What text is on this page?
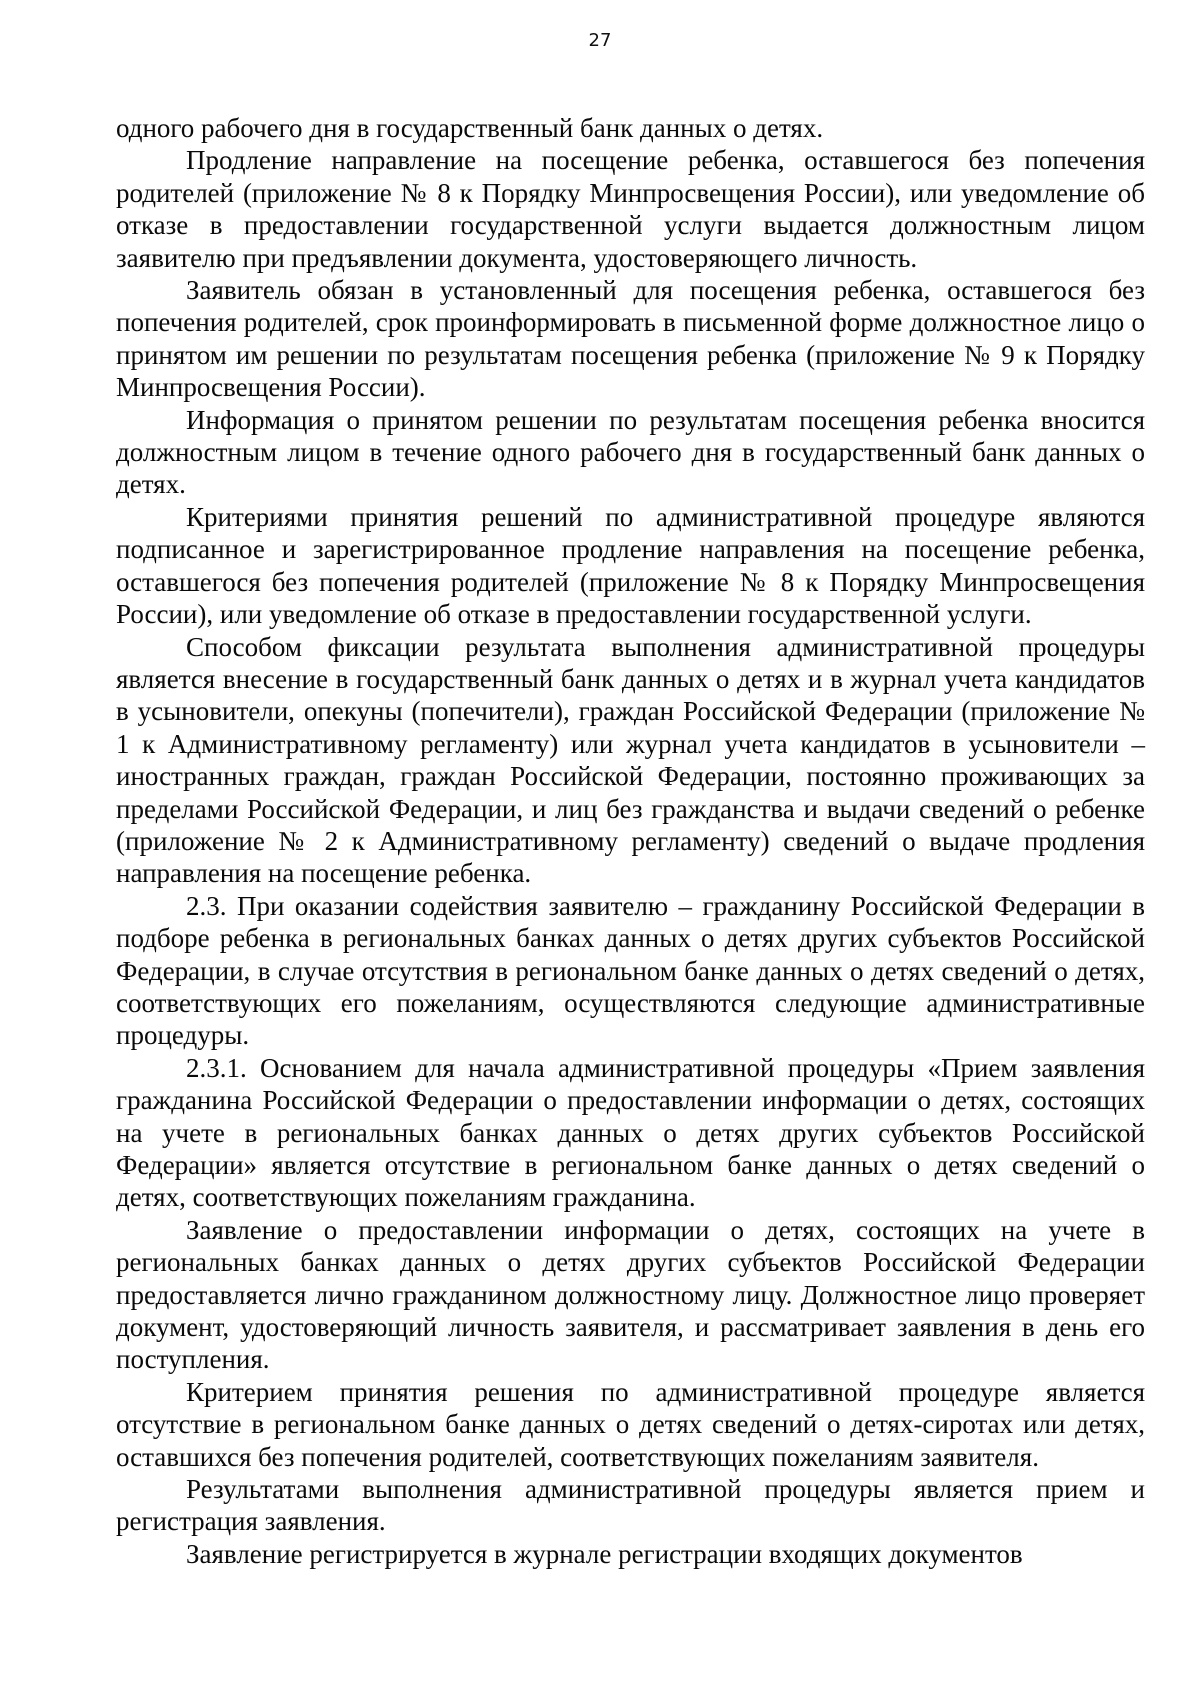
27

одного рабочего дня в государственный банк данных о детях.

Продление направление на посещение ребенка, оставшегося без попечения родителей (приложение № 8 к Порядку Минпросвещения России), или уведомление об отказе в предоставлении государственной услуги выдается должностным лицом заявителю при предъявлении документа, удостоверяющего личность.

Заявитель обязан в установленный для посещения ребенка, оставшегося без попечения родителей, срок проинформировать в письменной форме должностное лицо о принятом им решении по результатам посещения ребенка (приложение № 9 к Порядку Минпросвещения России).

Информация о принятом решении по результатам посещения ребенка вносится должностным лицом в течение одного рабочего дня в государственный банк данных о детях.

Критериями принятия решений по административной процедуре являются подписанное и зарегистрированное продление направления на посещение ребенка, оставшегося без попечения родителей (приложение № 8 к Порядку Минпросвещения России), или уведомление об отказе в предоставлении государственной услуги.

Способом фиксации результата выполнения административной процедуры является внесение в государственный банк данных о детях и в журнал учета кандидатов в усыновители, опекуны (попечители), граждан Российской Федерации (приложение № 1 к Административному регламенту) или журнал учета кандидатов в усыновители – иностранных граждан, граждан Российской Федерации, постоянно проживающих за пределами Российской Федерации, и лиц без гражданства и выдачи сведений о ребенке (приложение № 2 к Административному регламенту) сведений о выдаче продления направления на посещение ребенка.

2.3. При оказании содействия заявителю – гражданину Российской Федерации в подборе ребенка в региональных банках данных о детях других субъектов Российской Федерации, в случае отсутствия в региональном банке данных о детях сведений о детях, соответствующих его пожеланиям, осуществляются следующие административные процедуры.

2.3.1. Основанием для начала административной процедуры «Прием заявления гражданина Российской Федерации о предоставлении информации о детях, состоящих на учете в региональных банках данных о детях других субъектов Российской Федерации» является отсутствие в региональном банке данных о детях сведений о детях, соответствующих пожеланиям гражданина.

Заявление о предоставлении информации о детях, состоящих на учете в региональных банках данных о детях других субъектов Российской Федерации предоставляется лично гражданином должностному лицу. Должностное лицо проверяет документ, удостоверяющий личность заявителя, и рассматривает заявления в день его поступления.

Критерием принятия решения по административной процедуре является отсутствие в региональном банке данных о детях сведений о детях-сиротах или детях, оставшихся без попечения родителей, соответствующих пожеланиям заявителя.

Результатами выполнения административной процедуры является прием и регистрация заявления.

Заявление регистрируется в журнале регистрации входящих документов
